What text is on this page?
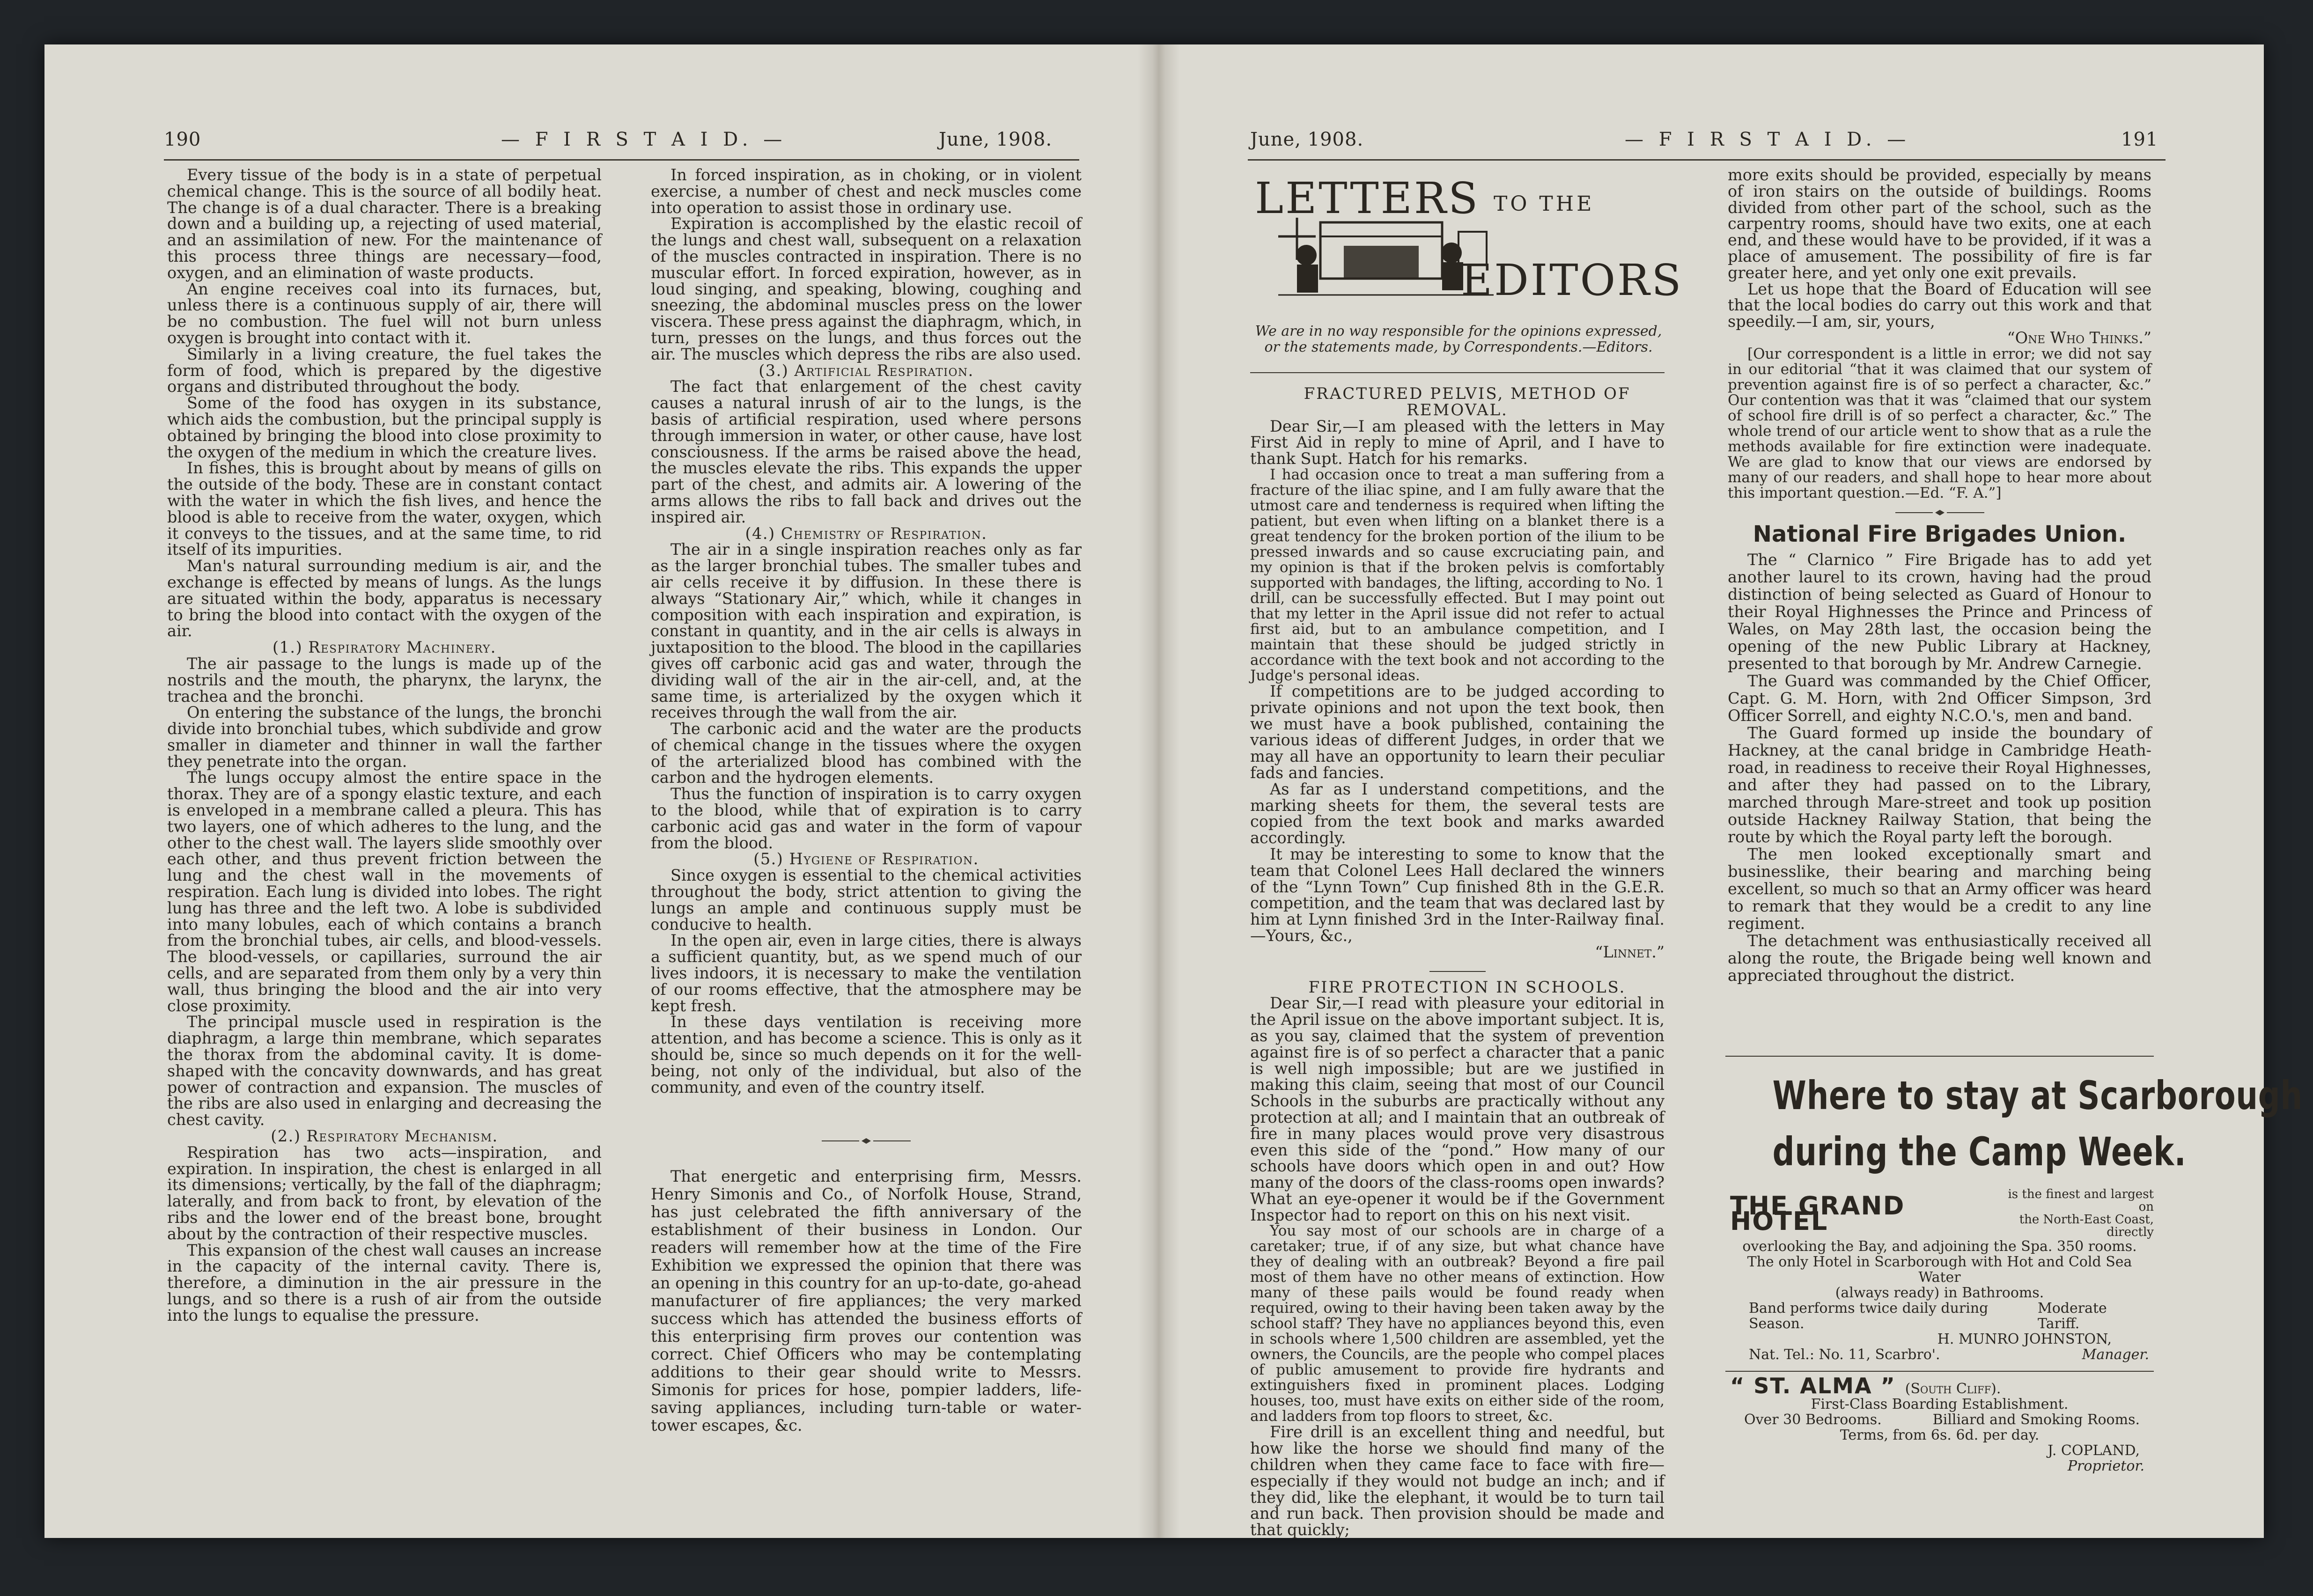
190	— F I R S T A I D. —	June, 1908.

Every tissue of the body is in a state of perpetual chemical change. This is the source of all bodily heat. The change is of a dual character. There is a breaking down and a building up, a rejecting of used material, and an assimilation of new. For the maintenance of this process three things are necessary—food, oxygen, and an elimination of waste products.

An engine receives coal into its furnaces, but, unless there is a continuous supply of air, there will be no combustion. The fuel will not burn unless oxygen is brought into contact with it.

Similarly in a living creature, the fuel takes the form of food, which is prepared by the digestive organs and distributed throughout the body.

Some of the food has oxygen in its substance, which aids the combustion, but the principal supply is obtained by bringing the blood into close proximity to the oxygen of the medium in which the creature lives.

In fishes, this is brought about by means of gills on the outside of the body. These are in constant contact with the water in which the fish lives, and hence the blood is able to receive from the water, oxygen, which it conveys to the tissues, and at the same time, to rid itself of its impurities.

Man's natural surrounding medium is air, and the exchange is effected by means of lungs. As the lungs are situated within the body, apparatus is necessary to bring the blood into contact with the oxygen of the air.

(1.) Respiratory Machinery.

The air passage to the lungs is made up of the nostrils and the mouth, the pharynx, the larynx, the trachea and the bronchi.

On entering the substance of the lungs, the bronchi divide into bronchial tubes, which subdivide and grow smaller in diameter and thinner in wall the farther they penetrate into the organ.

The lungs occupy almost the entire space in the thorax. They are of a spongy elastic texture, and each is enveloped in a membrane called a pleura. This has two layers, one of which adheres to the lung, and the other to the chest wall. The layers slide smoothly over each other, and thus prevent friction between the lung and the chest wall in the movements of respiration. Each lung is divided into lobes. The right lung has three and the left two. A lobe is subdivided into many lobules, each of which contains a branch from the bronchial tubes, air cells, and blood-vessels. The blood-vessels, or capillaries, surround the air cells, and are separated from them only by a very thin wall, thus bringing the blood and the air into very close proximity.

The principal muscle used in respiration is the diaphragm, a large thin membrane, which separates the thorax from the abdominal cavity. It is dome-shaped with the concavity downwards, and has great power of contraction and expansion. The muscles of the ribs are also used in enlarging and decreasing the chest cavity.

(2.) Respiratory Mechanism.

Respiration has two acts—inspiration, and expiration. In inspiration, the chest is enlarged in all its dimensions; vertically, by the fall of the diaphragm; laterally, and from back to front, by elevation of the ribs and the lower end of the breast bone, brought about by the contraction of their respective muscles.

This expansion of the chest wall causes an increase in the capacity of the internal cavity. There is, therefore, a diminution in the air pressure in the lungs, and so there is a rush of air from the outside into the lungs to equalise the pressure.

In forced inspiration, as in choking, or in violent exercise, a number of chest and neck muscles come into operation to assist those in ordinary use.

Expiration is accomplished by the elastic recoil of the lungs and chest wall, subsequent on a relaxation of the muscles contracted in inspiration. There is no muscular effort. In forced expiration, however, as in loud singing, and speaking, blowing, coughing and sneezing, the abdominal muscles press on the lower viscera. These press against the diaphragm, which, in turn, presses on the lungs, and thus forces out the air. The muscles which depress the ribs are also used.

(3.) Artificial Respiration.

The fact that enlargement of the chest cavity causes a natural inrush of air to the lungs, is the basis of artificial respiration, used where persons through immersion in water, or other cause, have lost consciousness. If the arms be raised above the head, the muscles elevate the ribs. This expands the upper part of the chest, and admits air. A lowering of the arms allows the ribs to fall back and drives out the inspired air.

(4.) Chemistry of Respiration.

The air in a single inspiration reaches only as far as the larger bronchial tubes. The smaller tubes and air cells receive it by diffusion. In these there is always “Stationary Air,” which, while it changes in composition with each inspiration and expiration, is constant in quantity, and in the air cells is always in juxtaposition to the blood. The blood in the capillaries gives off carbonic acid gas and water, through the dividing wall of the air in the air-cell, and, at the same time, is arterialized by the oxygen which it receives through the wall from the air.

The carbonic acid and the water are the products of chemical change in the tissues where the oxygen of the arterialized blood has combined with the carbon and the hydrogen elements.

Thus the function of inspiration is to carry oxygen to the blood, while that of expiration is to carry carbonic acid gas and water in the form of vapour from the blood.

(5.) Hygiene of Respiration.

Since oxygen is essential to the chemical activities throughout the body, strict attention to giving the lungs an ample and continuous supply must be conducive to health.

In the open air, even in large cities, there is always a sufficient quantity, but, as we spend much of our lives indoors, it is necessary to make the ventilation of our rooms effective, that the atmosphere may be kept fresh.

In these days ventilation is receiving more attention, and has become a science. This is only as it should be, since so much depends on it for the well-being, not only of the individual, but also of the community, and even of the country itself.

That energetic and enterprising firm, Messrs. Henry Simonis and Co., of Norfolk House, Strand, has just celebrated the fifth anniversary of the establishment of their business in London. Our readers will remember how at the time of the Fire Exhibition we expressed the opinion that there was an opening in this country for an up-to-date, go-ahead manufacturer of fire appliances; the very marked success which has attended the business efforts of this enterprising firm proves our contention was correct. Chief Officers who may be contemplating additions to their gear should write to Messrs. Simonis for prices for hose, pompier ladders, life-saving appliances, including turn-table or water-tower escapes, &c.

June, 1908.	— F I R S T A I D. —	191
LETTERS TO THE
EDITORS
We are in no way responsible for the opinions expressed, or the statements made, by Correspondents.—Editors.

FRACTURED PELVIS, METHOD OF REMOVAL.

Dear Sir,—I am pleased with the letters in May First Aid in reply to mine of April, and I have to thank Supt. Hatch for his remarks.

I had occasion once to treat a man suffering from a fracture of the iliac spine, and I am fully aware that the utmost care and tenderness is required when lifting the patient, but even when lifting on a blanket there is a great tendency for the broken portion of the ilium to be pressed inwards and so cause excruciating pain, and my opinion is that if the broken pelvis is comfortably supported with bandages, the lifting, according to No. 1 drill, can be successfully effected. But I may point out that my letter in the April issue did not refer to actual first aid, but to an ambulance competition, and I maintain that these should be judged strictly in accordance with the text book and not according to the Judge's personal ideas.

If competitions are to be judged according to private opinions and not upon the text book, then we must have a book published, containing the various ideas of different Judges, in order that we may all have an opportunity to learn their peculiar fads and fancies.

As far as I understand competitions, and the marking sheets for them, the several tests are copied from the text book and marks awarded accordingly.

It may be interesting to some to know that the team that Colonel Lees Hall declared the winners of the “Lynn Town” Cup finished 8th in the G.E.R. competition, and the team that was declared last by him at Lynn finished 3rd in the Inter-Railway final.—Yours, &c.,

“Linnet.”

FIRE PROTECTION IN SCHOOLS.

Dear Sir,—I read with pleasure your editorial in the April issue on the above important subject. It is, as you say, claimed that the system of prevention against fire is of so perfect a character that a panic is well nigh impossible; but are we justified in making this claim, seeing that most of our Council Schools in the suburbs are practically without any protection at all; and I maintain that an outbreak of fire in many places would prove very disastrous even this side of the “pond.” How many of our schools have doors which open in and out? How many of the doors of the class-rooms open inwards? What an eye-opener it would be if the Government Inspector had to report on this on his next visit.

You say most of our schools are in charge of a caretaker; true, if of any size, but what chance have they of dealing with an outbreak? Beyond a fire pail most of them have no other means of extinction. How many of these pails would be found ready when required, owing to their having been taken away by the school staff? They have no appliances beyond this, even in schools where 1,500 children are assembled, yet the owners, the Councils, are the people who compel places of public amusement to provide fire hydrants and extinguishers fixed in prominent places. Lodging houses, too, must have exits on either side of the room, and ladders from top floors to street, &c.

Fire drill is an excellent thing and needful, but how like the horse we should find many of the children when they came face to face with fire—especially if they would not budge an inch; and if they did, like the elephant, it would be to turn tail and run back. Then provision should be made and that quickly;

more exits should be provided, especially by means of iron stairs on the outside of buildings. Rooms divided from other part of the school, such as the carpentry rooms, should have two exits, one at each end, and these would have to be provided, if it was a place of amusement. The possibility of fire is far greater here, and yet only one exit prevails.

Let us hope that the Board of Education will see that the local bodies do carry out this work and that speedily.—I am, sir, yours,

“One Who Thinks.”

[Our correspondent is a little in error; we did not say in our editorial “that it was claimed that our system of prevention against fire is of so perfect a character, &c.” Our contention was that it was “claimed that our system of school fire drill is of so perfect a character, &c.” The whole trend of our article went to show that as a rule the methods available for fire extinction were inadequate. We are glad to know that our views are endorsed by many of our readers, and shall hope to hear more about this important question.—Ed. “F. A.”]

National Fire Brigades Union.

The “ Clarnico ” Fire Brigade has to add yet another laurel to its crown, having had the proud distinction of being selected as Guard of Honour to their Royal Highnesses the Prince and Princess of Wales, on May 28th last, the occasion being the opening of the new Public Library at Hackney, presented to that borough by Mr. Andrew Carnegie.

The Guard was commanded by the Chief Officer, Capt. G. M. Horn, with 2nd Officer Simpson, 3rd Officer Sorrell, and eighty N.C.O.'s, men and band.

The Guard formed up inside the boundary of Hackney, at the canal bridge in Cambridge Heath-road, in readiness to receive their Royal Highnesses, and after they had passed on to the Library, marched through Mare-street and took up position outside Hackney Railway Station, that being the route by which the Royal party left the borough.

The men looked exceptionally smart and businesslike, their bearing and marching being excellent, so much so that an Army officer was heard to remark that they would be a credit to any line regiment.

The detachment was enthusiastically received all along the route, the Brigade being well known and appreciated throughout the district.

Where to stay at Scarborough
during the Camp Week.
THE GRAND HOTEL
is the finest and largest on
the North-East Coast, directly
overlooking the Bay, and adjoining the Spa. 350 rooms.
The only Hotel in Scarborough with Hot and Cold Sea Water
(always ready) in Bathrooms.
Band performs twice daily during Season.
Moderate Tariff.
H. MUNRO JOHNSTON,
Nat. Tel.: No. 11, Scarbro'.	Manager.
“ ST. ALMA ” (South Cliff).
First-Class Boarding Establishment.
Over 30 Bedrooms.	Billiard and Smoking Rooms.
Terms, from 6s. 6d. per day.
J. COPLAND,
Proprietor.
